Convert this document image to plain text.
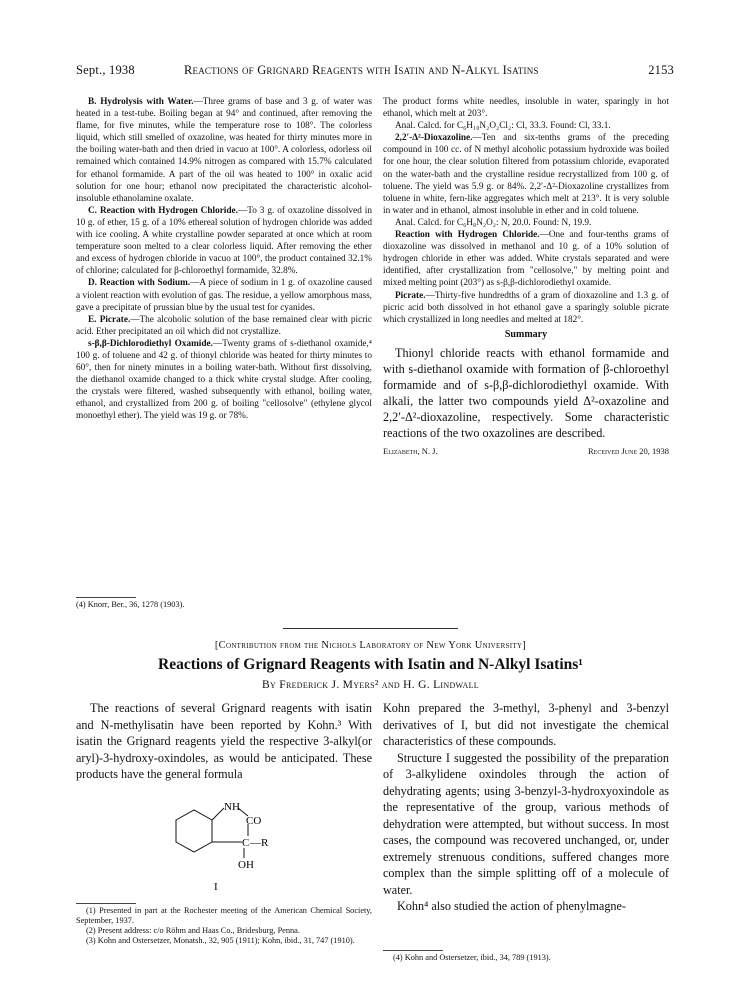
Sept., 1938	Reactions of Grignard Reagents with Isatin and N-Alkyl Isatins	2153

B. Hydrolysis with Water.—Three grams of base and 3 g. of water was heated in a test-tube. Boiling began at 94° and continued, after removing the flame, for five minutes, while the temperature rose to 108°. The colorless liquid, which still smelled of oxazoline, was heated for thirty minutes more in the boiling water-bath and then dried in vacuo at 100°. A colorless, odorless oil remained which contained 14.9% nitrogen as compared with 15.7% calculated for ethanol formamide. A part of the oil was heated to 100° in oxalic acid solution for one hour; ethanol now precipitated the characteristic alcohol-insoluble ethanolamine oxalate.

C. Reaction with Hydrogen Chloride.—To 3 g. of oxazoline dissolved in 10 g. of ether, 15 g. of a 10% ethereal solution of hydrogen chloride was added with ice cooling. A white crystalline powder separated at once which at room temperature soon melted to a clear colorless liquid. After removing the ether and excess of hydrogen chloride in vacuo at 100°, the product contained 32.1% of chlorine; calculated for β-chloroethyl formamide, 32.8%.

D. Reaction with Sodium.—A piece of sodium in 1 g. of oxazoline caused a violent reaction with evolution of gas. The residue, a yellow amorphous mass, gave a precipitate of prussian blue by the usual test for cyanides.

E. Picrate.—The alcoholic solution of the base remained clear with picric acid. Ether precipitated an oil which did not crystallize.

s-β,β-Dichlorodiethyl Oxamide.—Twenty grams of s-diethanol oxamide,⁴ 100 g. of toluene and 42 g. of thionyl chloride was heated for thirty minutes to 60°, then for ninety minutes in a boiling water-bath. Without first dissolving, the diethanol oxamide changed to a thick white crystal sludge. After cooling, the crystals were filtered, washed subsequently with ethanol, boiling water, ethanol, and crystallized from 200 g. of boiling "cellosolve" (ethylene glycol monoethyl ether). The yield was 19 g. or 78%.

(4) Knorr, Ber., 36, 1278 (1903).

The product forms white needles, insoluble in water, sparingly in hot ethanol, which melt at 203°.

Anal. Calcd. for C₆H₁₀N₂O₂Cl₂: Cl, 33.3. Found: Cl, 33.1.

2,2′-Δ²-Dioxazoline.—Ten and six-tenths grams of the preceding compound in 100 cc. of N methyl alcoholic potassium hydroxide was boiled for one hour, the clear solution filtered from potassium chloride, evaporated on the water-bath and the crystalline residue recrystallized from 100 g. of toluene. The yield was 5.9 g. or 84%. 2,2′-Δ²-Dioxazoline crystallizes from toluene in white, fern-like aggregates which melt at 213°. It is very soluble in water and in ethanol, almost insoluble in ether and in cold toluene.

Anal. Calcd. for C₆H₈N₂O₂: N, 20.0. Found: N, 19.9.

Reaction with Hydrogen Chloride.—One and four-tenths grams of dioxazoline was dissolved in methanol and 10 g. of a 10% solution of hydrogen chloride in ether was added. White crystals separated and were identified, after crystallization from "cellosolve," by melting point and mixed melting point (203°) as s-β,β-dichlorodiethyl oxamide.

Picrate.—Thirty-five hundredths of a gram of dioxazoline and 1.3 g. of picric acid both dissolved in hot ethanol gave a sparingly soluble picrate which crystallized in long needles and melted at 182°.

Summary

Thionyl chloride reacts with ethanol formamide and with s-diethanol oxamide with formation of β-chloroethyl formamide and of s-β,β-dichlorodiethyl oxamide. With alkali, the latter two compounds yield Δ²-oxazoline and 2,2′-Δ²-dioxazoline, respectively. Some characteristic reactions of the two oxazolines are described.

Elizabeth, N. J.	Received June 20, 1938
[Contribution from the Nichols Laboratory of New York University]
Reactions of Grignard Reagents with Isatin and N-Alkyl Isatins¹
By Frederick J. Myers² and H. G. Lindwall

The reactions of several Grignard reagents with isatin and N-methylisatin have been reported by Kohn.³ With isatin the Grignard reagents yield the respective 3-alkyl(or aryl)-3-hydroxy-oxindoles, as would be anticipated. These products have the general formula

NH
CO
C —R
OH
I

(1) Presented in part at the Rochester meeting of the American Chemical Society, September, 1937.

(2) Present address: c/o Röhm and Haas Co., Bridesburg, Penna.

(3) Kohn and Ostersetzer, Monatsh., 32, 905 (1911); Kohn, ibid., 31, 747 (1910).

Kohn prepared the 3-methyl, 3-phenyl and 3-benzyl derivatives of I, but did not investigate the chemical characteristics of these compounds.

Structure I suggested the possibility of the preparation of 3-alkylidene oxindoles through the action of dehydrating agents; using 3-benzyl-3-hydroxyoxindole as the representative of the group, various methods of dehydration were attempted, but without success. In most cases, the compound was recovered unchanged, or, under extremely strenuous conditions, suffered changes more complex than the simple splitting off of a molecule of water.

Kohn⁴ also studied the action of phenylmagne-

(4) Kohn and Ostersetzer, ibid., 34, 789 (1913).
